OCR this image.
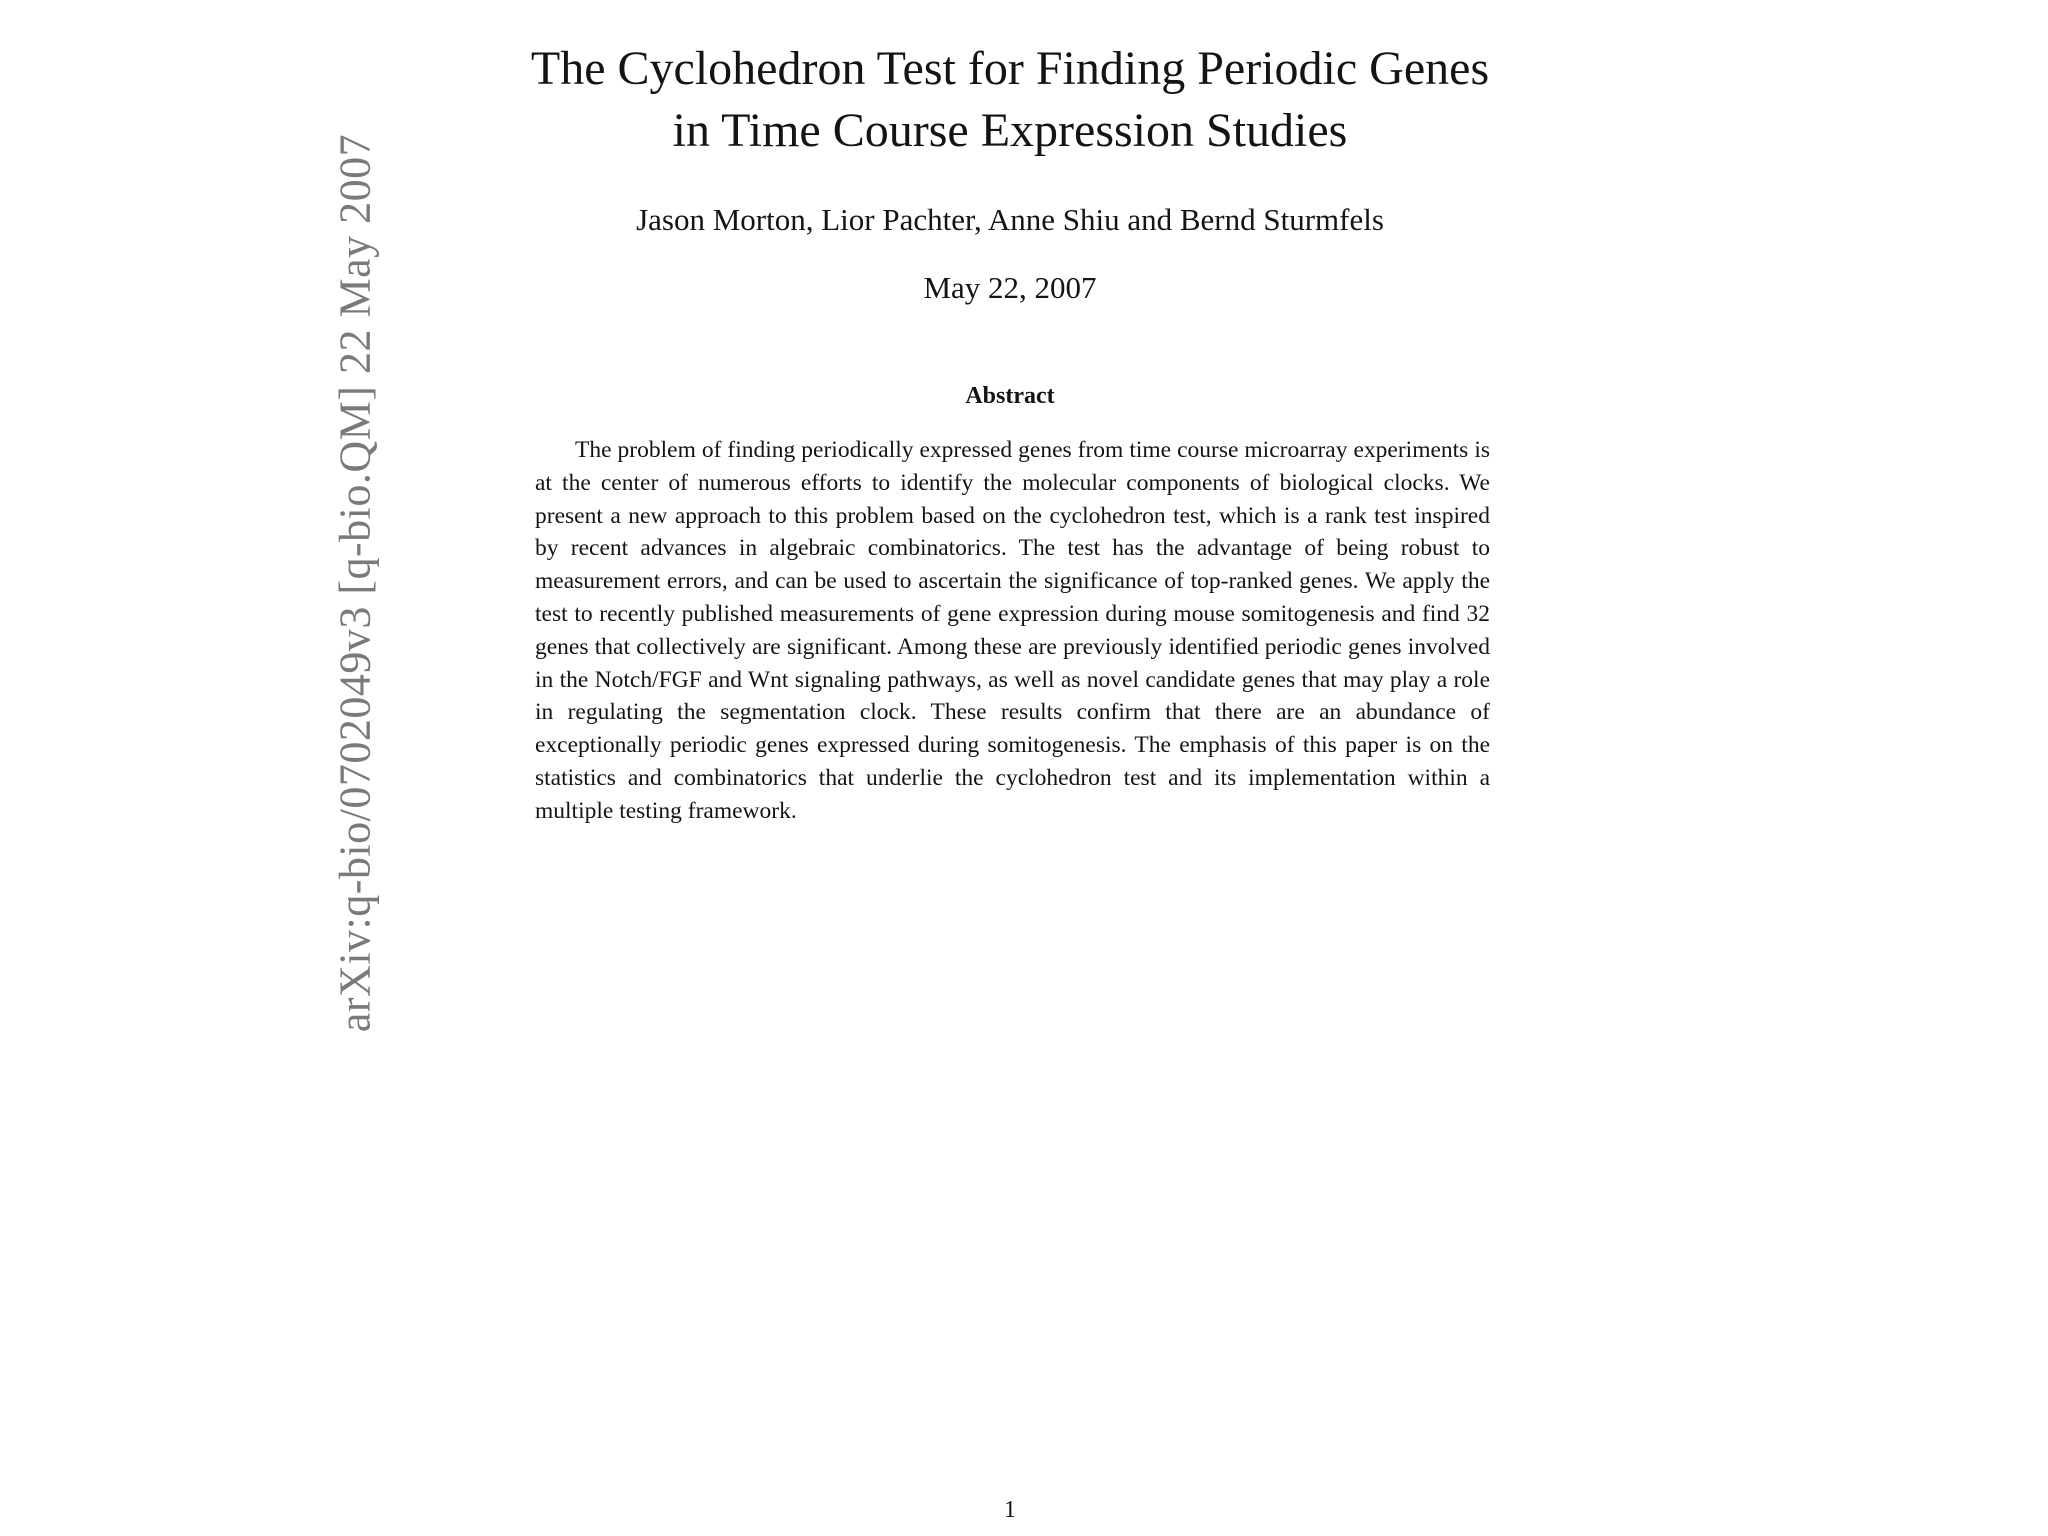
arXiv:q-bio/0702049v3 [q-bio.QM] 22 May 2007
The Cyclohedron Test for Finding Periodic Genes
in Time Course Expression Studies
Jason Morton, Lior Pachter, Anne Shiu and Bernd Sturmfels
May 22, 2007
Abstract

The problem of finding periodically expressed genes from time course microarray experiments is at the center of numerous efforts to identify the molecular components of biological clocks. We present a new approach to this problem based on the cyclohedron test, which is a rank test inspired by recent advances in algebraic combinatorics. The test has the advantage of being robust to measurement errors, and can be used to ascertain the significance of top-ranked genes. We apply the test to recently published measurements of gene expression during mouse somitogenesis and find 32 genes that collectively are significant. Among these are previously identified periodic genes involved in the Notch/FGF and Wnt signaling pathways, as well as novel candidate genes that may play a role in regulating the segmentation clock. These results confirm that there are an abundance of exceptionally periodic genes expressed during somitogenesis. The emphasis of this paper is on the statistics and combinatorics that underlie the cyclohedron test and its implementation within a multiple testing framework.

1
